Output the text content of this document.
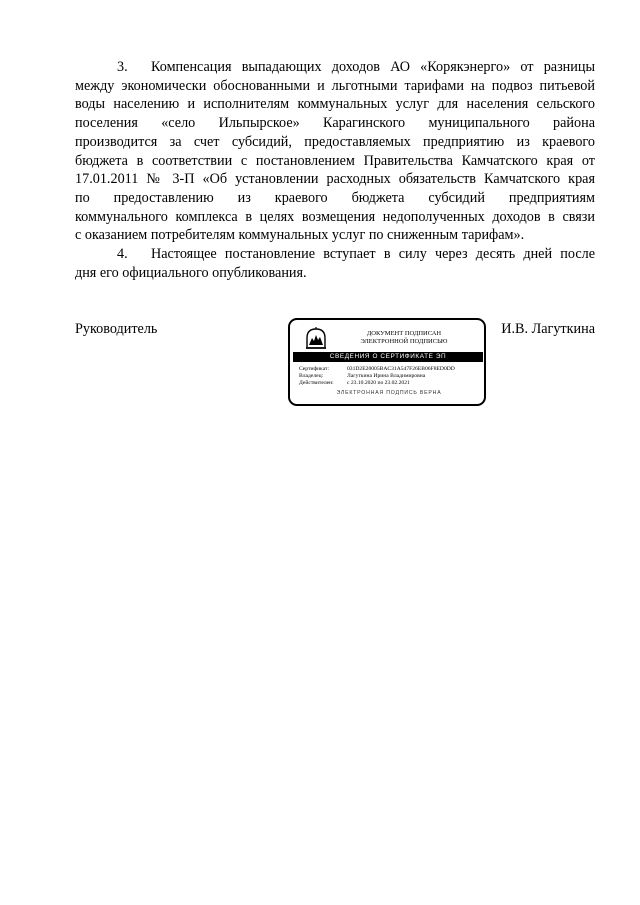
3. Компенсация выпадающих доходов АО «Корякэнерго» от разницы
между экономически обоснованными и льготными тарифами на подвоз питьевой
воды населению и исполнителям коммунальных услуг для населения сельского
поселения «село Ильпырское» Карагинского муниципального района
производится за счет субсидий, предоставляемых предприятию из краевого
бюджета в соответствии с постановлением Правительства Камчатского края от
17.01.2011 № 3-П «Об установлении расходных обязательств Камчатского края
по предоставлению из краевого бюджета субсидий предприятиям
коммунального комплекса в целях возмещения недополученных доходов в связи
с оказанием потребителям коммунальных услуг по сниженным тарифам».
4. Настоящее постановление вступает в силу через десять дней после
дня его официального опубликования.
Руководитель	ДОКУМЕНТ ПОДПИСАН
ЭЛЕКТРОННОЙ ПОДПИСЬЮ
СВЕДЕНИЯ О СЕРТИФИКАТЕ ЭП
Сертификат:	031D2E20005BAC31A547F26EB06F8ED0DD
Владелец:	Лагуткина Ирина Владимировна
Действителен:	с 23.10.2020 по 23.02.2021
ЭЛЕКТРОННАЯ ПОДПИСЬ ВЕРНА
И.В. Лагуткина
